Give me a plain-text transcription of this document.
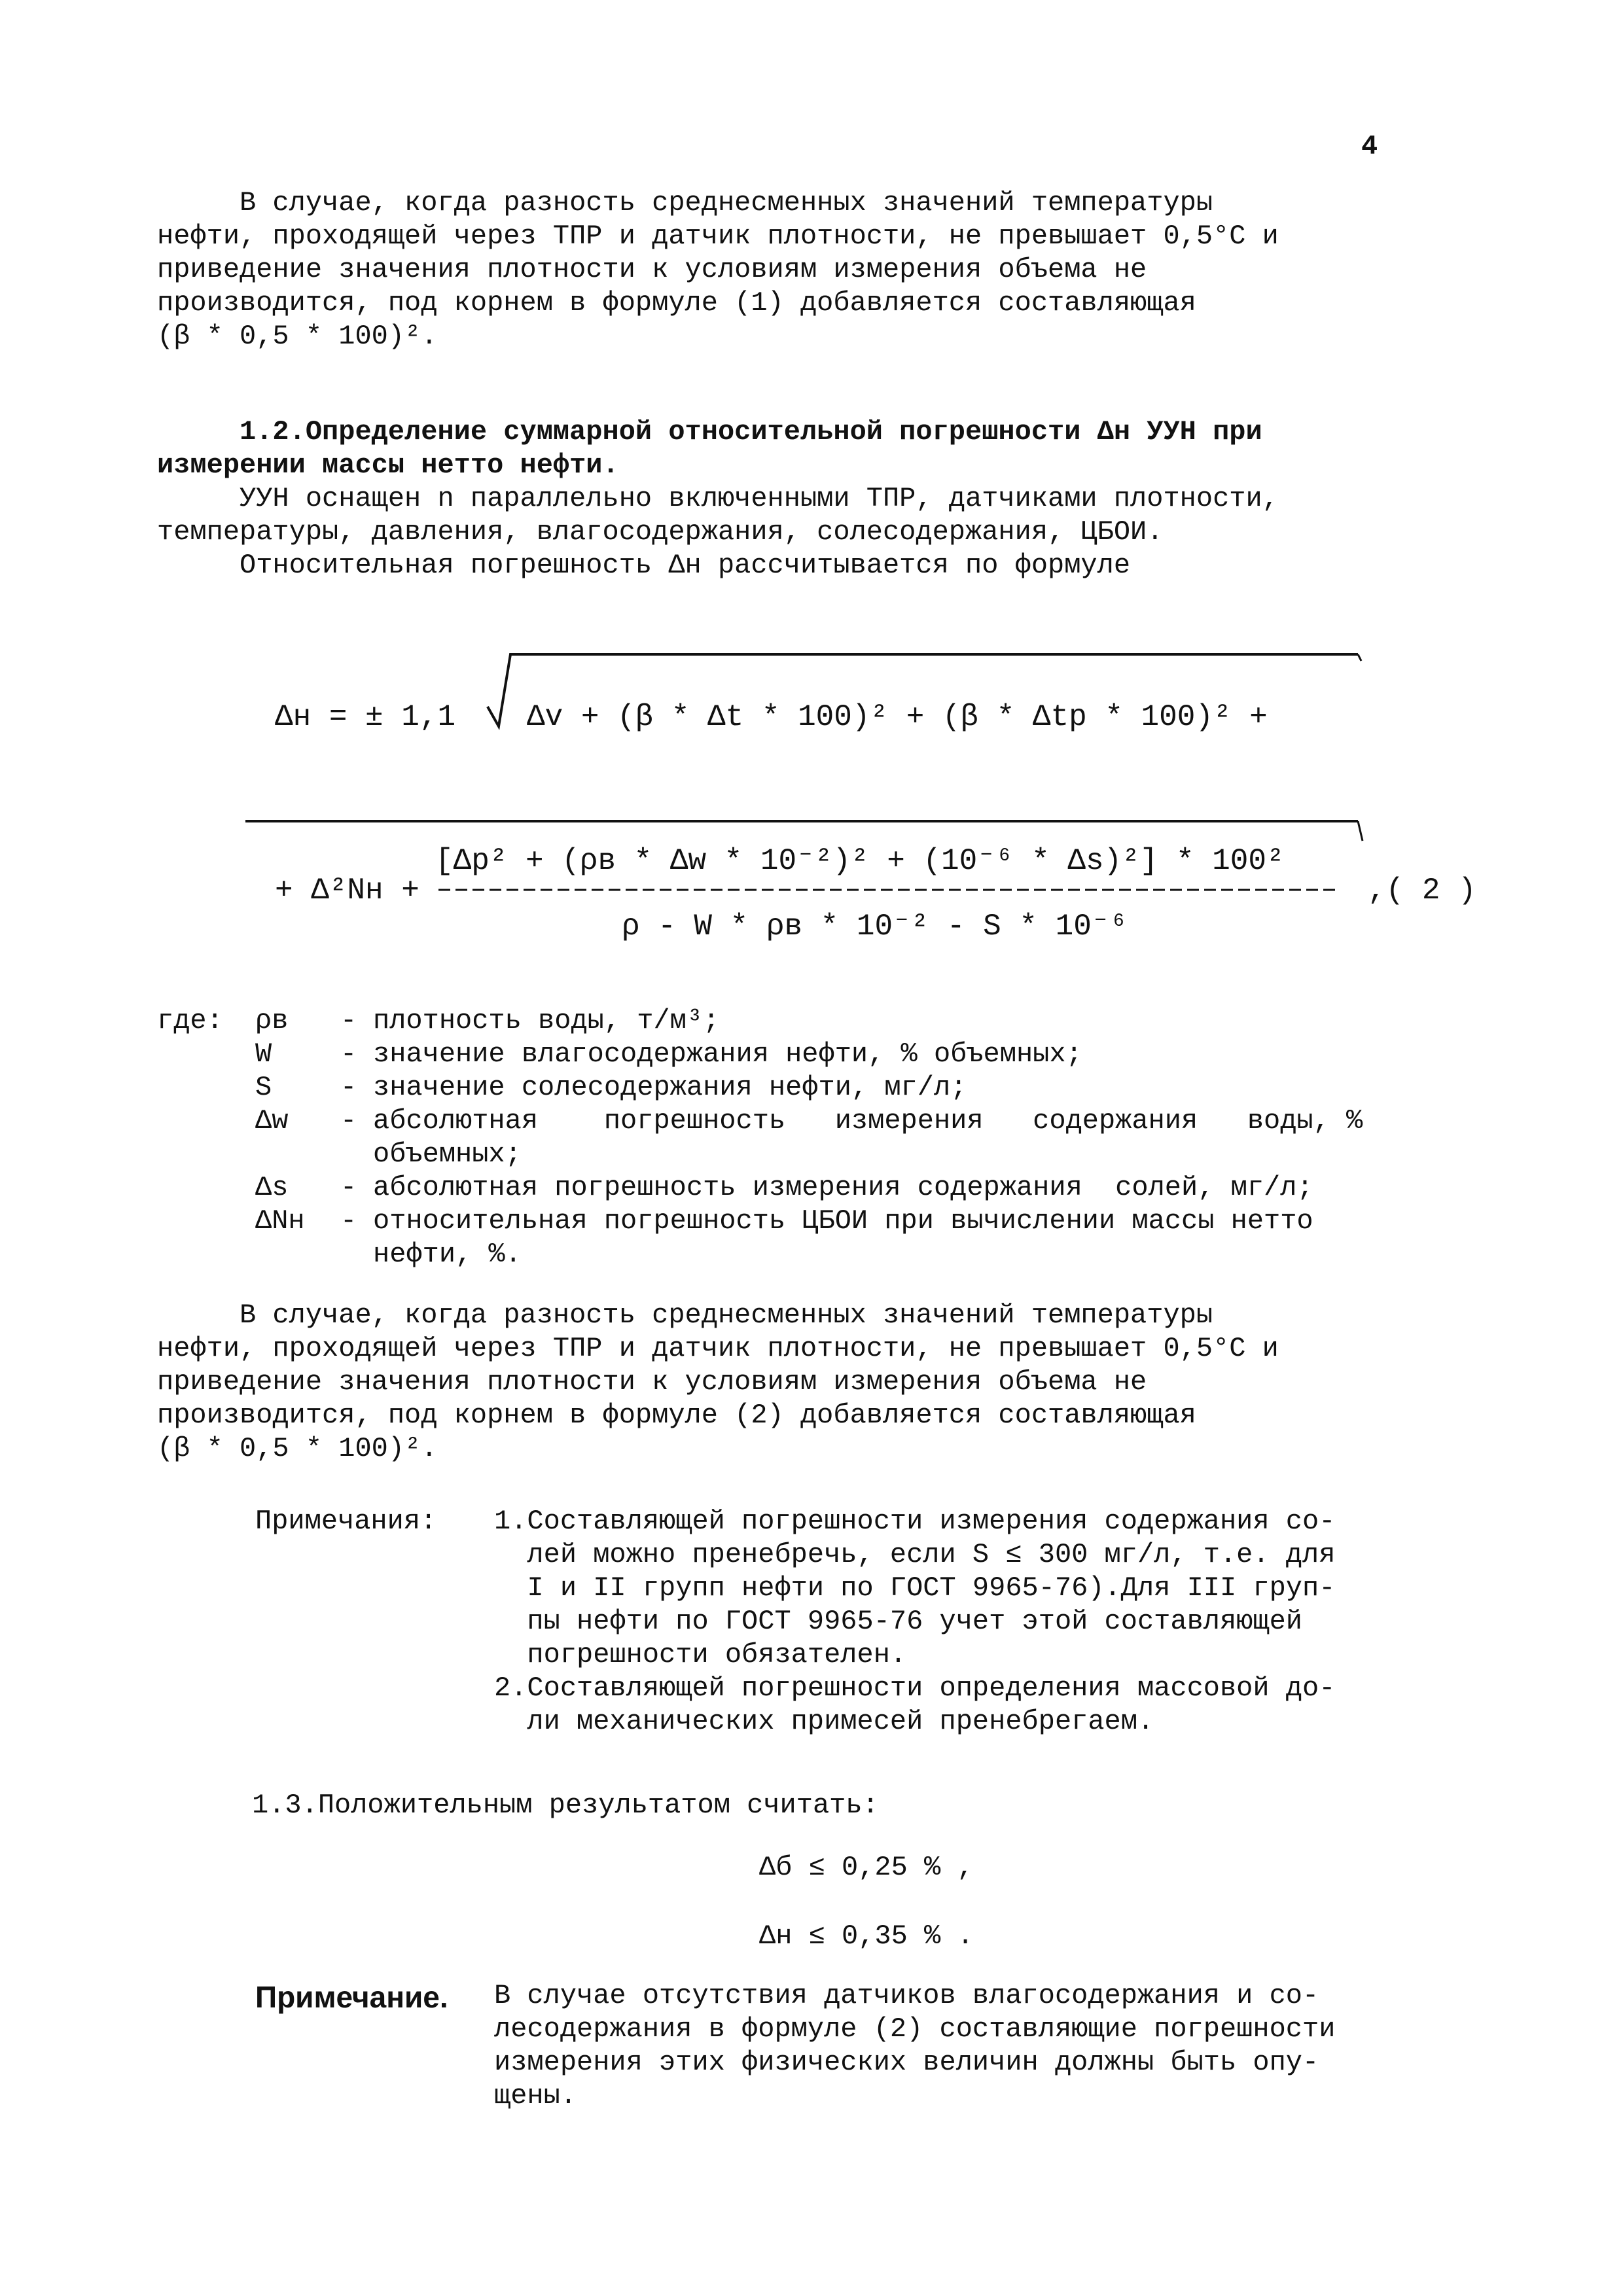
4
В случае, когда разность среднесменных значений температуры
нефти, проходящей через ТПР и датчик плотности, не превышает 0,5°С и
приведение значения плотности к условиям измерения объема не
производится, под корнем в формуле (1) добавляется составляющая
(β * 0,5 * 100)².
1.2.Определение суммарной относительной погрешности Δн УУН при
измерении массы нетто нефти.
УУН оснащен n параллельно включенными ТПР, датчиками плотности,
температуры, давления, влагосодержания, солесодержания, ЦБОИ.
Относительная погрешность Δн рассчитывается по формуле
Δн = ± 1,1 Δv + (β * Δt * 100)² + (β * Δtр * 100)² +
+ Δ²Nн +
[Δр² + (ρв * Δw * 10⁻²)² + (10⁻⁶ * Δs)²] * 100²
ρ - W * ρв * 10⁻² - S * 10⁻⁶
,( 2 )
где: ρв	- плотность воды, т/м³;
W	- значение влагосодержания нефти, % объемных;
S	- значение солесодержания нефти, мг/л;
Δw	- абсолютная    погрешность   измерения   содержания   воды, %
объемных;
Δs	- абсолютная погрешность измерения содержания  солей, мг/л;
ΔNн	- относительная погрешность ЦБОИ при вычислении массы нетто
нефти, %.
В случае, когда разность среднесменных значений температуры
нефти, проходящей через ТПР и датчик плотности, не превышает 0,5°С и
приведение значения плотности к условиям измерения объема не
производится, под корнем в формуле (2) добавляется составляющая
(β * 0,5 * 100)².
Примечания: 1.Составляющей погрешности измерения содержания со-
лей можно пренебречь, если S ≤ 300 мг/л, т.е. для
I и II групп нефти по ГОСТ 9965-76).Для III груп-
пы нефти по ГОСТ 9965-76 учет этой составляющей
погрешности обязателен.
2.Составляющей погрешности определения массовой до-
ли механических примесей пренебрегаем.
1.3.Положительным результатом считать:
Δб ≤ 0,25 % ,
Δн ≤ 0,35 % .
Примечание. В случае отсутствия датчиков влагосодержания и со-
лесодержания в формуле (2) составляющие погрешности
измерения этих физических величин должны быть опу-
щены.
